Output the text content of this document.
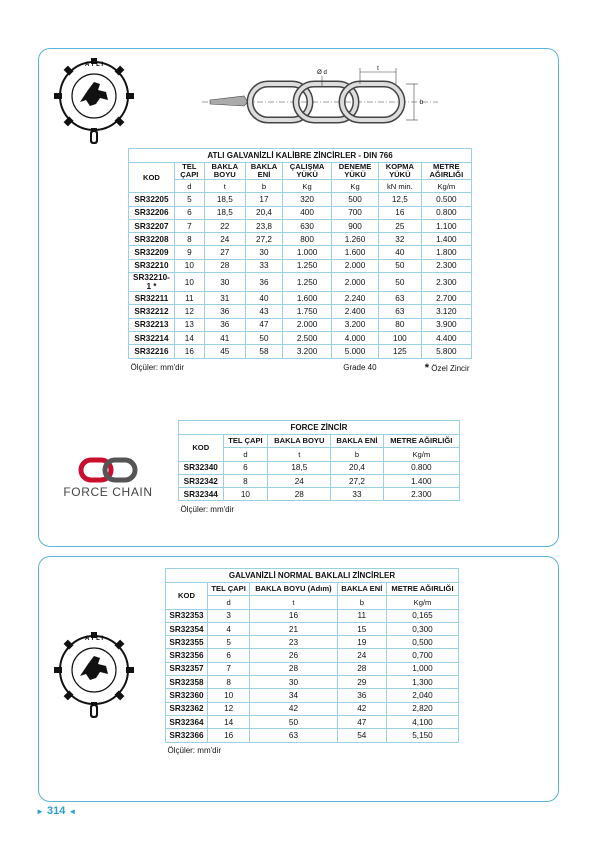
A T L I
Ø d
t
b
ATLI GALVANİZLİ KALİBRE ZİNCİRLER - DIN 766							
KOD	TEL ÇAPI	BAKLA BOYU	BAKLA ENİ	ÇALIŞMA YÜKÜ	DENEME YÜKÜ	KOPMA YÜKÜ	METRE AĞIRLIĞI
	d	t	b	Kg	Kg	kN min.	Kg/m
SR32205	5	18,5	17	320	500	12,5	0.500
SR32206	6	18,5	20,4	400	700	16	0.800
SR32207	7	22	23,8	630	900	25	1.100
SR32208	8	24	27,2	800	1.260	32	1.400
SR32209	9	27	30	1.000	1.600	40	1.800
SR32210	10	28	33	1.250	2.000	50	2.300
SR32210-1 *	10	30	36	1.250	2.000	50	2.300
SR32211	11	31	40	1.600	2.240	63	2.700
SR32212	12	36	43	1.750	2.400	63	3.120
SR32213	13	36	47	2.000	3.200	80	3.900
SR32214	14	41	50	2.500	4.000	100	4.400
SR32216	16	45	58	3.200	5.000	125	5.800
Ölçüler: mm'dir			Grade 40			* Özel Zincir	
FORCE ZİNCİR				
KOD	TEL ÇAPI	BAKLA BOYU	BAKLA ENİ	METRE AĞIRLIĞI
	d	t	b	Kg/m
SR32340	6	18,5	20,4	0.800
SR32342	8	24	27,2	1.400
SR32344	10	28	33	2.300
Ölçüler: mm'dir				
FORCE CHAIN
A T L I
GALVANİZLİ NORMAL BAKLALI ZİNCİRLER				
KOD	TEL ÇAPI	BAKLA BOYU (Adım)	BAKLA ENİ	METRE AĞIRLIĞI
	d	t	b	Kg/m
SR32353	3	16	11	0,165
SR32354	4	21	15	0,300
SR32355	5	23	19	0,500
SR32356	6	26	24	0,700
SR32357	7	28	28	1,000
SR32358	8	30	29	1,300
SR32360	10	34	36	2,040
SR32362	12	42	42	2,820
SR32364	14	50	47	4,100
SR32366	16	63	54	5,150
Ölçüler: mm'dir				
► 314 ◄
